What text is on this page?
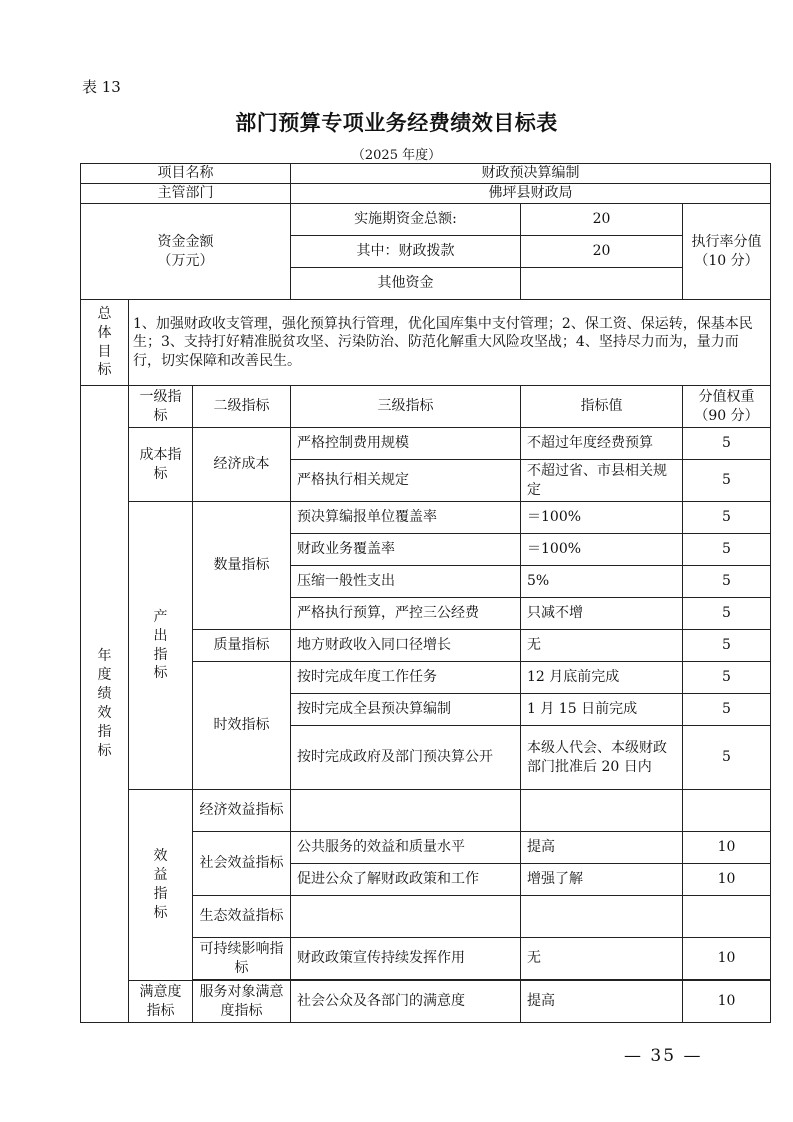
表 13
部门预算专项业务经费绩效目标表
（2025 年度）
项目名称			财政预决算编制		
主管部门			佛坪县财政局		

资金金额
（万元）			实施期资金总额:	20	执行率分值（10 分）
			其中：财政拨款	20	
			其他资金		

总体目标	1、加强财政收支管理，强化预算执行管理，优化国库集中支付管理；2、保工资、保运转，保基本民生；3、支持打好精准脱贫攻坚、污染防治、防范化解重大风险攻坚战；4、坚持尽力而为，量力而行，切实保障和改善民生。				

年度绩效指标	一级指标	二级指标	三级指标	指标值	分值权重（90 分）
	成本指标	经济成本	严格控制费用规模	不超过年度经费预算	5
			严格执行相关规定	不超过省、市县相关规定	5

	产出指标	数量指标	预决算编报单位覆盖率	＝100%	5
			财政业务覆盖率	＝100%	5
			压缩一般性支出	5%	5
			严格执行预算，严控三公经费	只减不增	5
		质量指标	地方财政收入同口径增长	无	5
		时效指标	按时完成年度工作任务	12 月底前完成	5
			按时完成全县预决算编制	1 月 15 日前完成	5
			按时完成政府及部门预决算公开	本级人代会、本级财政部门批准后 20 日内	5

	效益指标	经济效益指标			
		社会效益指标	公共服务的效益和质量水平	提高	10
			促进公众了解财政政策和工作	增强了解	10
		生态效益指标			
		可持续影响指标	财政政策宣传持续发挥作用	无	10

	满意度指标	服务对象满意度指标	社会公众及各部门的满意度	提高	10
— 35 —
